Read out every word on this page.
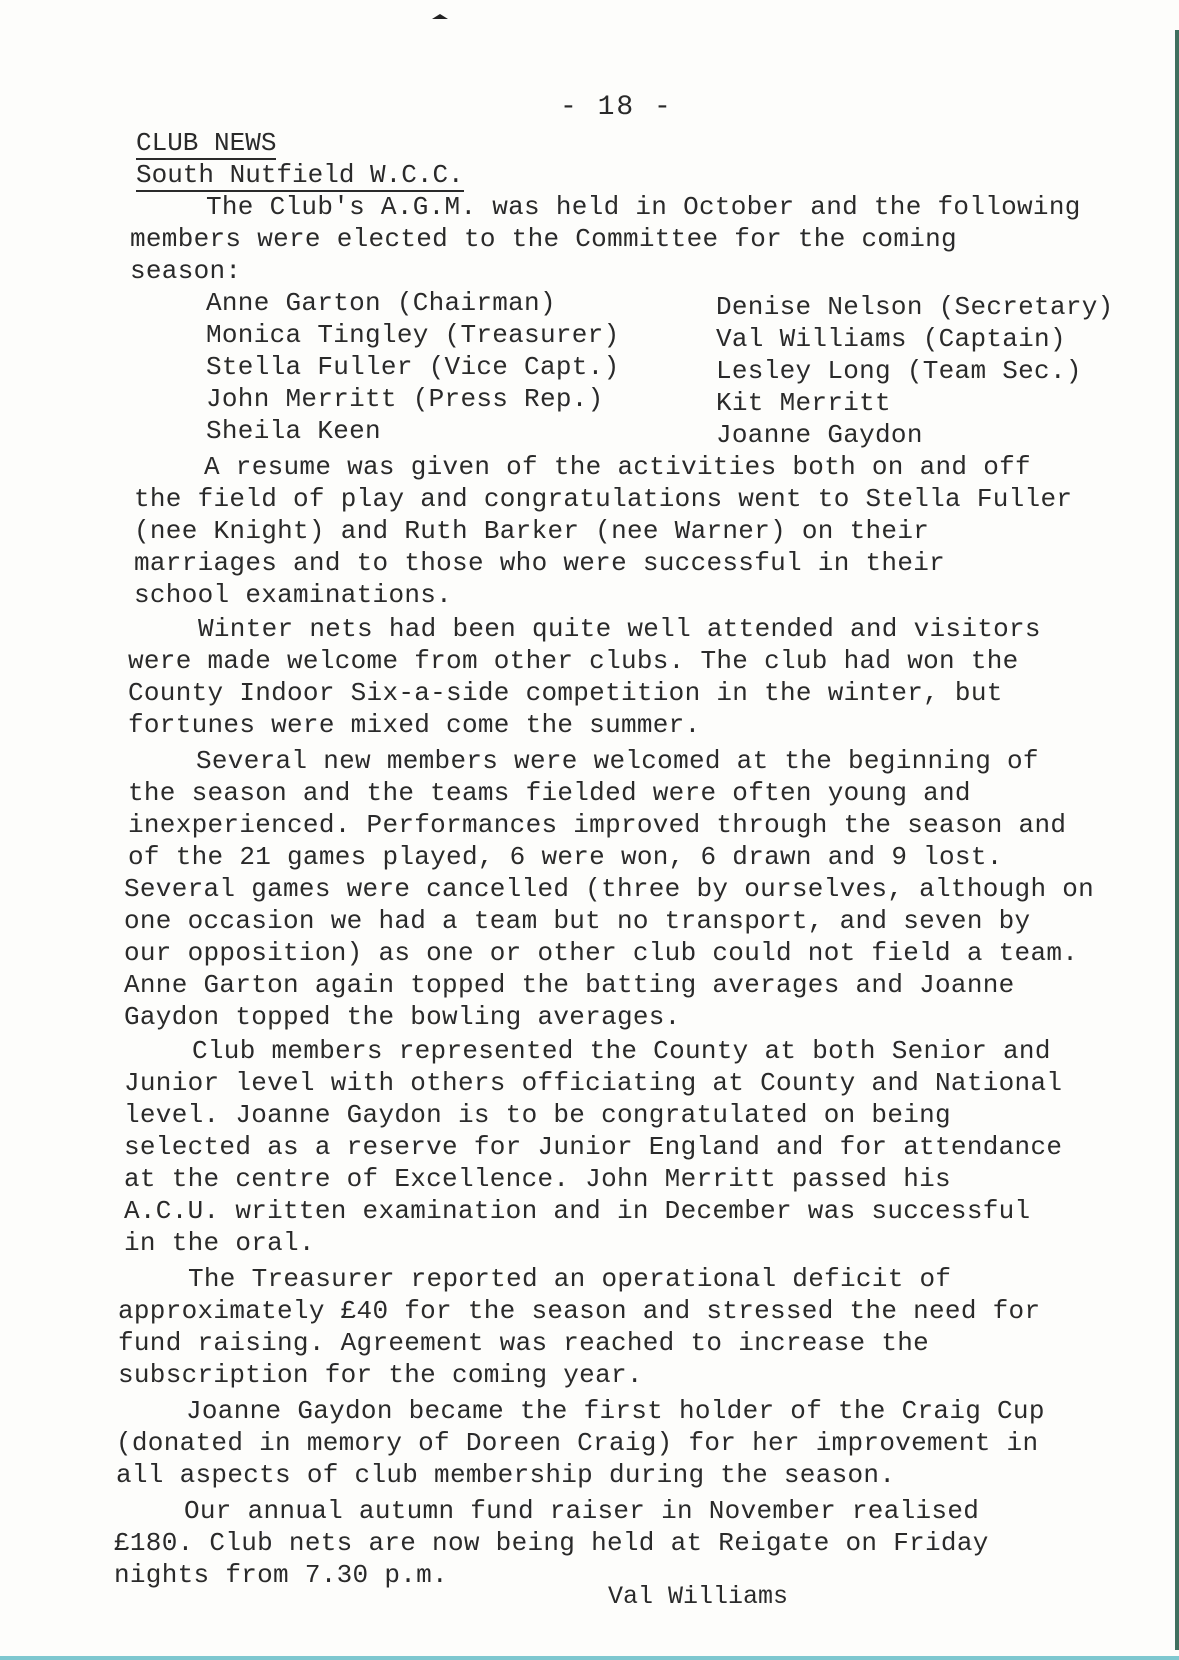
- 18 -
CLUB NEWS
South Nutfield W.C.C.
The Club's A.G.M. was held in October and the following
members were elected to the Committee for the coming
season:
Anne Garton (Chairman)
Monica Tingley (Treasurer)
Stella Fuller (Vice Capt.)
John Merritt (Press Rep.)
Sheila Keen
Denise Nelson (Secretary)
Val Williams (Captain)
Lesley Long (Team Sec.)
Kit Merritt
Joanne Gaydon
A resume was given of the activities both on and off
the field of play and congratulations went to Stella Fuller
(nee Knight) and Ruth Barker (nee Warner) on their
marriages and to those who were successful in their
school examinations.
Winter nets had been quite well attended and visitors
were made welcome from other clubs. The club had won the
County Indoor Six-a-side competition in the winter, but
fortunes were mixed come the summer.
Several new members were welcomed at the beginning of
the season and the teams fielded were often young and
inexperienced. Performances improved through the season and
of the 21 games played, 6 were won, 6 drawn and 9 lost.
Several games were cancelled (three by ourselves, although on
one occasion we had a team but no transport, and seven by
our opposition) as one or other club could not field a team.
Anne Garton again topped the batting averages and Joanne
Gaydon topped the bowling averages.
Club members represented the County at both Senior and
Junior level with others officiating at County and National
level. Joanne Gaydon is to be congratulated on being
selected as a reserve for Junior England and for attendance
at the centre of Excellence. John Merritt passed his
A.C.U. written examination and in December was successful
in the oral.
The Treasurer reported an operational deficit of
approximately £40 for the season and stressed the need for
fund raising. Agreement was reached to increase the
subscription for the coming year.
Joanne Gaydon became the first holder of the Craig Cup
(donated in memory of Doreen Craig) for her improvement in
all aspects of club membership during the season.
Our annual autumn fund raiser in November realised
£180. Club nets are now being held at Reigate on Friday
nights from 7.30 p.m.
Val Williams
